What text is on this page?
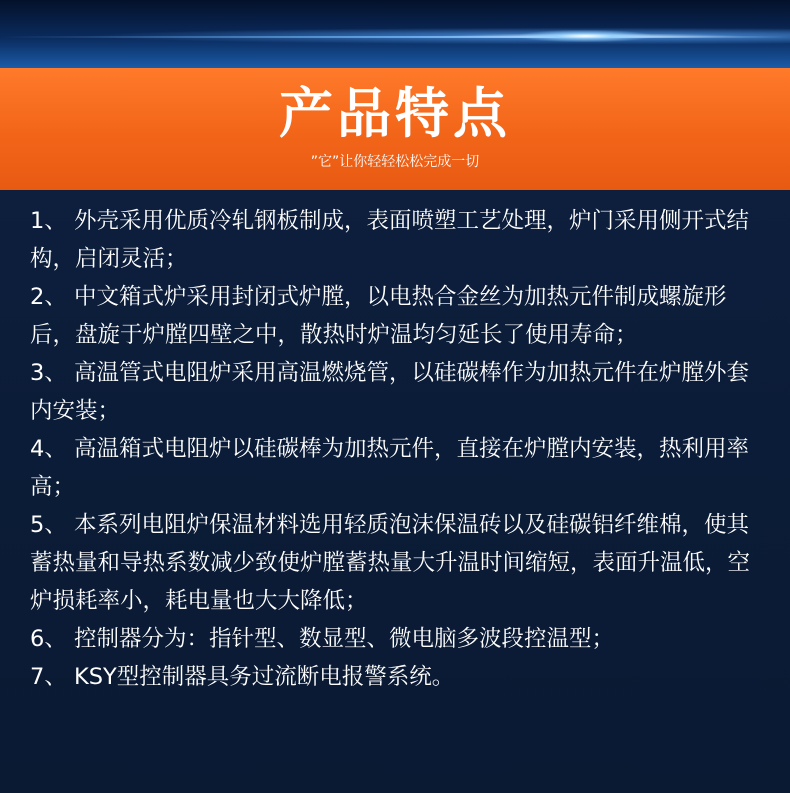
产品特点
”它”让你轻轻松松完成一切
1、 外壳采用优质冷轧钢板制成，表面喷塑工艺处理，炉门采用侧开式结构，启闭灵活；
2、 中文箱式炉采用封闭式炉膛，以电热合金丝为加热元件制成螺旋形后，盘旋于炉膛四壁之中，散热时炉温均匀延长了使用寿命；
3、 高温管式电阻炉采用高温燃烧管，以硅碳棒作为加热元件在炉膛外套内安装；
4、 高温箱式电阻炉以硅碳棒为加热元件，直接在炉膛内安装，热利用率高；
5、 本系列电阻炉保温材料选用轻质泡沫保温砖以及硅碳铝纤维棉，使其蓄热量和导热系数减少致使炉膛蓄热量大升温时间缩短，表面升温低，空炉损耗率小，耗电量也大大降低；
6、 控制器分为：指针型、数显型、微电脑多波段控温型；
7、 KSY型控制器具务过流断电报警系统。
